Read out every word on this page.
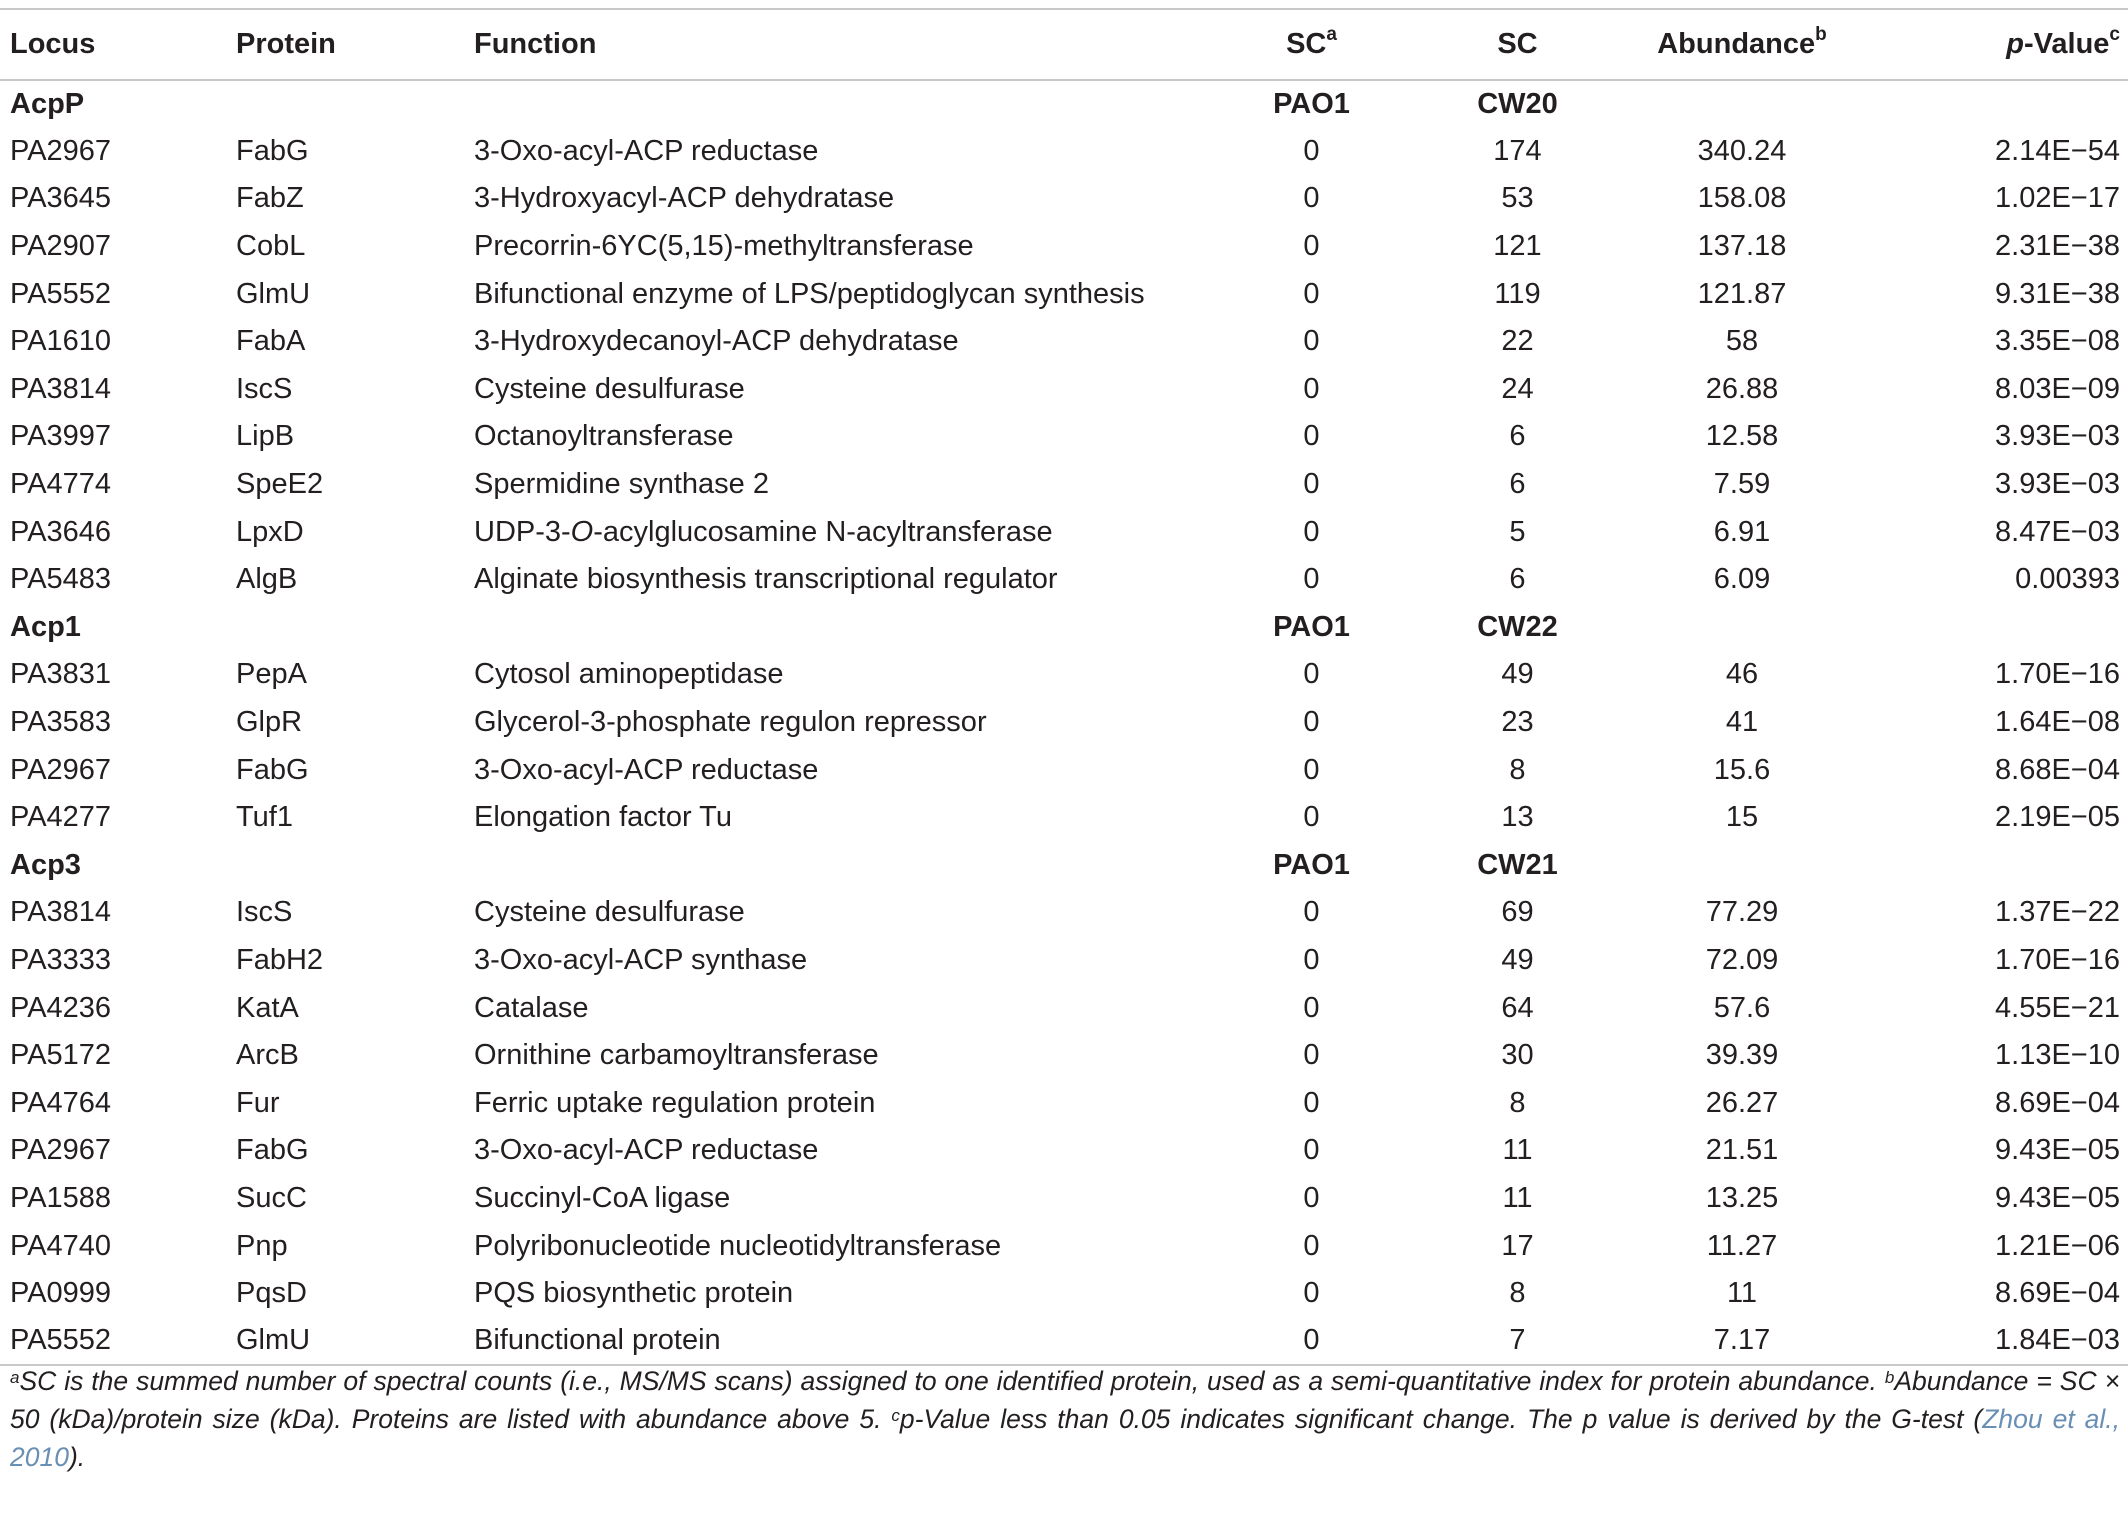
Locus	Protein	Function	$SC^a$	SC	Abundance$^b$	p-Value$^c$
AcpP			PAO1	CW20		
PA2967	FabG	3-Oxo-acyl-ACP reductase	0	174	340.24	2.14E−54
PA3645	FabZ	3-Hydroxyacyl-ACP dehydratase	0	53	158.08	1.02E−17
PA2907	CobL	Precorrin-6YC(5,15)-methyltransferase	0	121	137.18	2.31E−38
PA5552	GlmU	Bifunctional enzyme of LPS/peptidoglycan synthesis	0	119	121.87	9.31E−38
PA1610	FabA	3-Hydroxydecanoyl-ACP dehydratase	0	22	58	3.35E−08
PA3814	IscS	Cysteine desulfurase	0	24	26.88	8.03E−09
PA3997	LipB	Octanoyltransferase	0	6	12.58	3.93E−03
PA4774	SpeE2	Spermidine synthase 2	0	6	7.59	3.93E−03
PA3646	LpxD	UDP-3-O-acylglucosamine N-acyltransferase	0	5	6.91	8.47E−03
PA5483	AlgB	Alginate biosynthesis transcriptional regulator	0	6	6.09	0.00393
Acp1			PAO1	CW22		
PA3831	PepA	Cytosol aminopeptidase	0	49	46	1.70E−16
PA3583	GlpR	Glycerol-3-phosphate regulon repressor	0	23	41	1.64E−08
PA2967	FabG	3-Oxo-acyl-ACP reductase	0	8	15.6	8.68E−04
PA4277	Tuf1	Elongation factor Tu	0	13	15	2.19E−05
Acp3			PAO1	CW21		
PA3814	IscS	Cysteine desulfurase	0	69	77.29	1.37E−22
PA3333	FabH2	3-Oxo-acyl-ACP synthase	0	49	72.09	1.70E−16
PA4236	KatA	Catalase	0	64	57.6	4.55E−21
PA5172	ArcB	Ornithine carbamoyltransferase	0	30	39.39	1.13E−10
PA4764	Fur	Ferric uptake regulation protein	0	8	26.27	8.69E−04
PA2967	FabG	3-Oxo-acyl-ACP reductase	0	11	21.51	9.43E−05
PA1588	SucC	Succinyl-CoA ligase	0	11	13.25	9.43E−05
PA4740	Pnp	Polyribonucleotide nucleotidyltransferase	0	17	11.27	1.21E−06
PA0999	PqsD	PQS biosynthetic protein	0	8	11	8.69E−04
PA5552	GlmU	Bifunctional protein	0	7	7.17	1.84E−03
$^a$SC is the summed number of spectral counts (i.e., MS/MS scans) assigned to one identified protein, used as a semi-quantitative index for protein abundance. $^b$Abundance = SC × 50 (kDa)/protein size (kDa). Proteins are listed with abundance above 5. $^c$p-Value less than 0.05 indicates significant change. The p value is derived by the G-test (Zhou et al., 2010).
